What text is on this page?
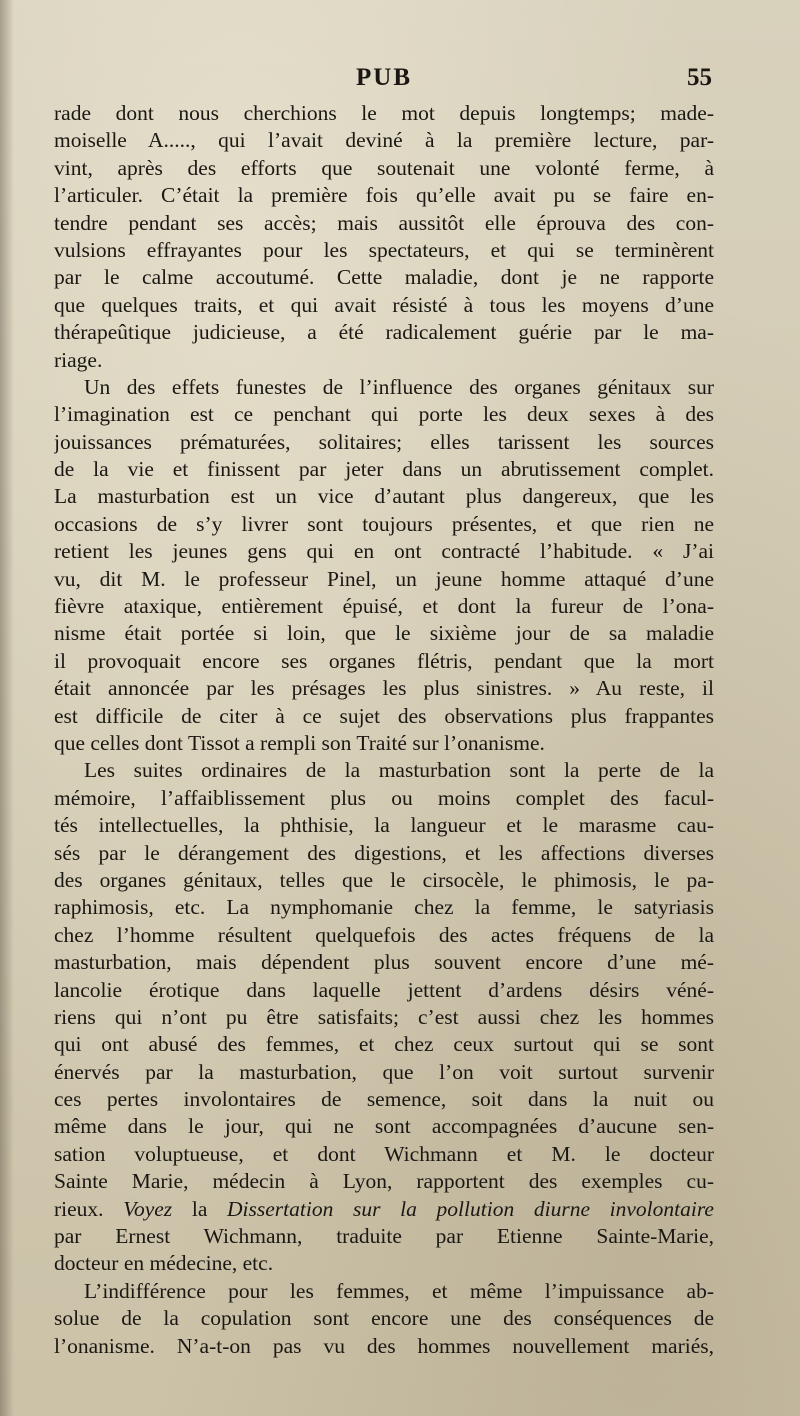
PUB	55
rade dont nous cherchions le mot depuis longtemps; made-
moiselle A....., qui l’avait deviné à la première lecture, par-
vint, après des efforts que soutenait une volonté ferme, à
l’articuler. C’était la première fois qu’elle avait pu se faire en-
tendre pendant ses accès; mais aussitôt elle éprouva des con-
vulsions effrayantes pour les spectateurs, et qui se terminèrent
par le calme accoutumé. Cette maladie, dont je ne rapporte
que quelques traits, et qui avait résisté à tous les moyens d’une
thérapeûtique judicieuse, a été radicalement guérie par le ma-
riage.
Un des effets funestes de l’influence des organes génitaux sur
l’imagination est ce penchant qui porte les deux sexes à des
jouissances prématurées, solitaires; elles tarissent les sources
de la vie et finissent par jeter dans un abrutissement complet.
La masturbation est un vice d’autant plus dangereux, que les
occasions de s’y livrer sont toujours présentes, et que rien ne
retient les jeunes gens qui en ont contracté l’habitude. « J’ai
vu, dit M. le professeur Pinel, un jeune homme attaqué d’une
fièvre ataxique, entièrement épuisé, et dont la fureur de l’ona-
nisme était portée si loin, que le sixième jour de sa maladie
il provoquait encore ses organes flétris, pendant que la mort
était annoncée par les présages les plus sinistres. » Au reste, il
est difficile de citer à ce sujet des observations plus frappantes
que celles dont Tissot a rempli son Traité sur l’onanisme.
Les suites ordinaires de la masturbation sont la perte de la
mémoire, l’affaiblissement plus ou moins complet des facul-
tés intellectuelles, la phthisie, la langueur et le marasme cau-
sés par le dérangement des digestions, et les affections diverses
des organes génitaux, telles que le cirsocèle, le phimosis, le pa-
raphimosis, etc. La nymphomanie chez la femme, le satyriasis
chez l’homme résultent quelquefois des actes fréquens de la
masturbation, mais dépendent plus souvent encore d’une mé-
lancolie érotique dans laquelle jettent d’ardens désirs véné-
riens qui n’ont pu être satisfaits; c’est aussi chez les hommes
qui ont abusé des femmes, et chez ceux surtout qui se sont
énervés par la masturbation, que l’on voit surtout survenir
ces pertes involontaires de semence, soit dans la nuit ou
même dans le jour, qui ne sont accompagnées d’aucune sen-
sation voluptueuse, et dont Wichmann et M. le docteur
Sainte Marie, médecin à Lyon, rapportent des exemples cu-
rieux. Voyez la Dissertation sur la pollution diurne involontaire
par Ernest Wichmann, traduite par Etienne Sainte-Marie,
docteur en médecine, etc.
L’indifférence pour les femmes, et même l’impuissance ab-
solue de la copulation sont encore une des conséquences de
l’onanisme. N’a-t-on pas vu des hommes nouvellement mariés,
